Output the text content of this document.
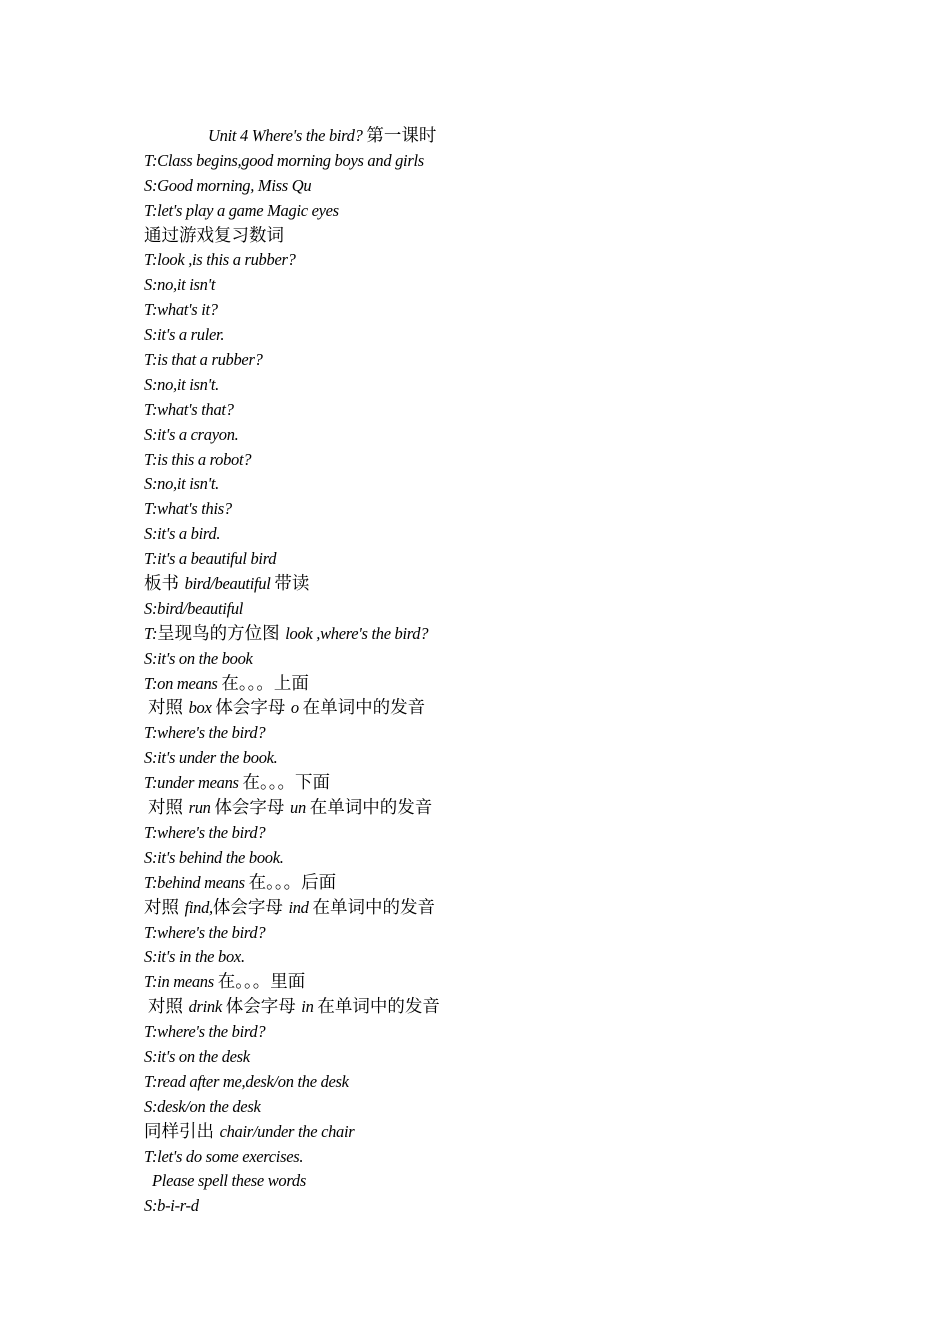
Unit 4 Where's the bird? 第一课时
T:Class begins,good morning boys and girls
S:Good morning, Miss Qu
T:let's play a game Magic eyes
通过游戏复习数词
T:look ,is this a rubber?
S:no,it isn't
T:what's it?
S:it's a ruler.
T:is that a rubber?
S:no,it isn't.
T:what's that?
S:it's a crayon.
T:is this a robot?
S:no,it isn't.
T:what's this?
S:it's a bird.
T:it's a beautiful bird
板书 bird/beautiful 带读
S:bird/beautiful
T:呈现鸟的方位图 look ,where's the bird?
S:it's on the book
T:on means 在。。。上面
对照 box 体会字母 o 在单词中的发音
T:where's the bird?
S:it's under the book.
T:under means 在。。。下面
对照 run 体会字母 un 在单词中的发音
T:where's the bird?
S:it's behind the book.
T:behind means 在。。。后面
对照 find,体会字母 ind 在单词中的发音
T:where's the bird?
S:it's in the box.
T:in means 在。。。里面
对照 drink 体会字母 in 在单词中的发音
T:where's the bird?
S:it's on the desk
T:read after me,desk/on the desk
S:desk/on the desk
同样引出 chair/under the chair
T:let's do some exercises.
Please spell these words
S:b-i-r-d
